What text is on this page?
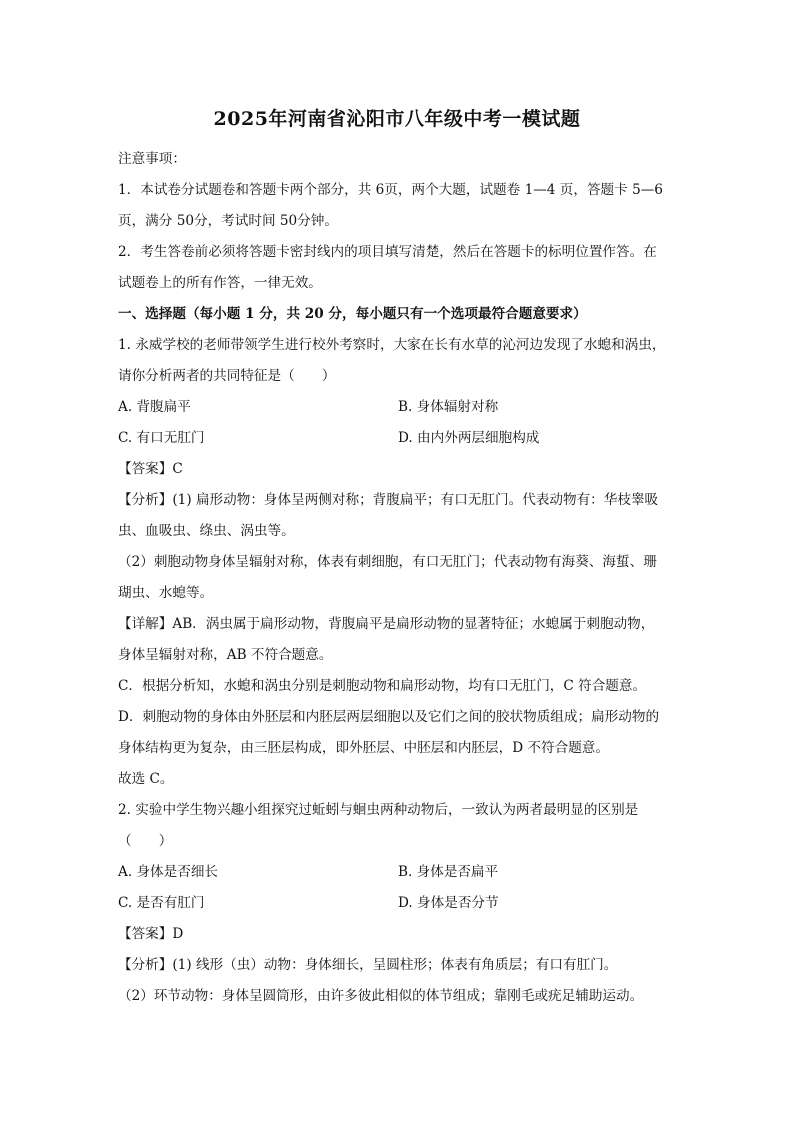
2025年河南省沁阳市八年级中考一模试题
注意事项：
1．本试卷分试题卷和答题卡两个部分，共 6页，两个大题，试题卷 1—4 页，答题卡 5—6
页，满分 50分，考试时间 50分钟。
2．考生答卷前必须将答题卡密封线内的项目填写清楚，然后在答题卡的标明位置作答。在
试题卷上的所有作答，一律无效。
一、选择题（每小题 1 分，共 20 分，每小题只有一个选项最符合题意要求）
1. 永威学校的老师带领学生进行校外考察时，大家在长有水草的沁河边发现了水螅和涡虫，
请你分析两者的共同特征是（　　）
A. 背腹扁平	B. 身体辐射对称
C. 有口无肛门	D. 由内外两层细胞构成
【答案】C
【分析】(1) 扁形动物：身体呈两侧对称；背腹扁平；有口无肛门。代表动物有：华枝睾吸
虫、血吸虫、绦虫、涡虫等。
（2）刺胞动物身体呈辐射对称，体表有刺细胞，有口无肛门；代表动物有海葵、海蜇、珊
瑚虫、水螅等。
【详解】AB．涡虫属于扁形动物，背腹扁平是扁形动物的显著特征；水螅属于刺胞动物，
身体呈辐射对称，AB 不符合题意。
C．根据分析知，水螅和涡虫分别是刺胞动物和扁形动物，均有口无肛门，C 符合题意。
D．刺胞动物的身体由外胚层和内胚层两层细胞以及它们之间的胶状物质组成；扁形动物的
身体结构更为复杂，由三胚层构成，即外胚层、中胚层和内胚层，D 不符合题意。
故选 C。
2. 实验中学生物兴趣小组探究过蚯蚓与蛔虫两种动物后，一致认为两者最明显的区别是
（　　）
A. 身体是否细长	B. 身体是否扁平
C. 是否有肛门	D. 身体是否分节
【答案】D
【分析】(1) 线形（虫）动物：身体细长，呈圆柱形；体表有角质层；有口有肛门。
（2）环节动物：身体呈圆筒形，由许多彼此相似的体节组成；靠刚毛或疣足辅助运动。
